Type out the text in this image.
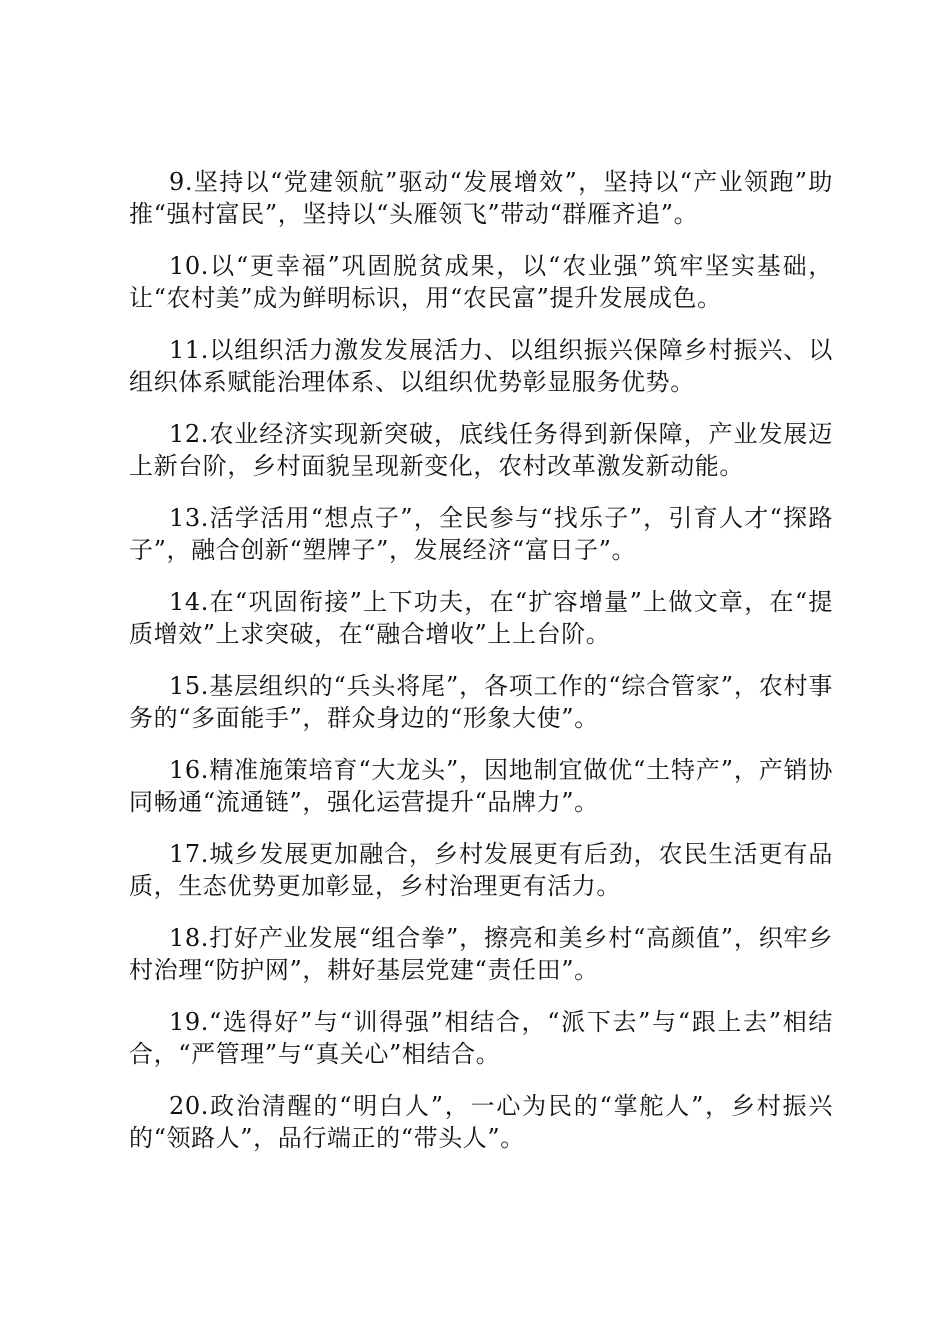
9.坚持以“党建领航”驱动“发展增效”，坚持以“产业领跑”助推“强村富民”，坚持以“头雁领飞”带动“群雁齐追”。

10.以“更幸福”巩固脱贫成果，以“农业强”筑牢坚实基础，让“农村美”成为鲜明标识，用“农民富”提升发展成色。

11.以组织活力激发发展活力、以组织振兴保障乡村振兴、以组织体系赋能治理体系、以组织优势彰显服务优势。

12.农业经济实现新突破，底线任务得到新保障，产业发展迈上新台阶，乡村面貌呈现新变化，农村改革激发新动能。

13.活学活用“想点子”，全民参与“找乐子”，引育人才“探路子”，融合创新“塑牌子”，发展经济“富日子”。

14.在“巩固衔接”上下功夫，在“扩容增量”上做文章，在“提质增效”上求突破，在“融合增收”上上台阶。

15.基层组织的“兵头将尾”，各项工作的“综合管家”，农村事务的“多面能手”，群众身边的“形象大使”。

16.精准施策培育“大龙头”，因地制宜做优“土特产”，产销协同畅通“流通链”，强化运营提升“品牌力”。

17.城乡发展更加融合，乡村发展更有后劲，农民生活更有品质，生态优势更加彰显，乡村治理更有活力。

18.打好产业发展“组合拳”，擦亮和美乡村“高颜值”，织牢乡村治理“防护网”，耕好基层党建“责任田”。

19.“选得好”与“训得强”相结合，“派下去”与“跟上去”相结合，“严管理”与“真关心”相结合。

20.政治清醒的“明白人”，一心为民的“掌舵人”，乡村振兴的“领路人”，品行端正的“带头人”。
